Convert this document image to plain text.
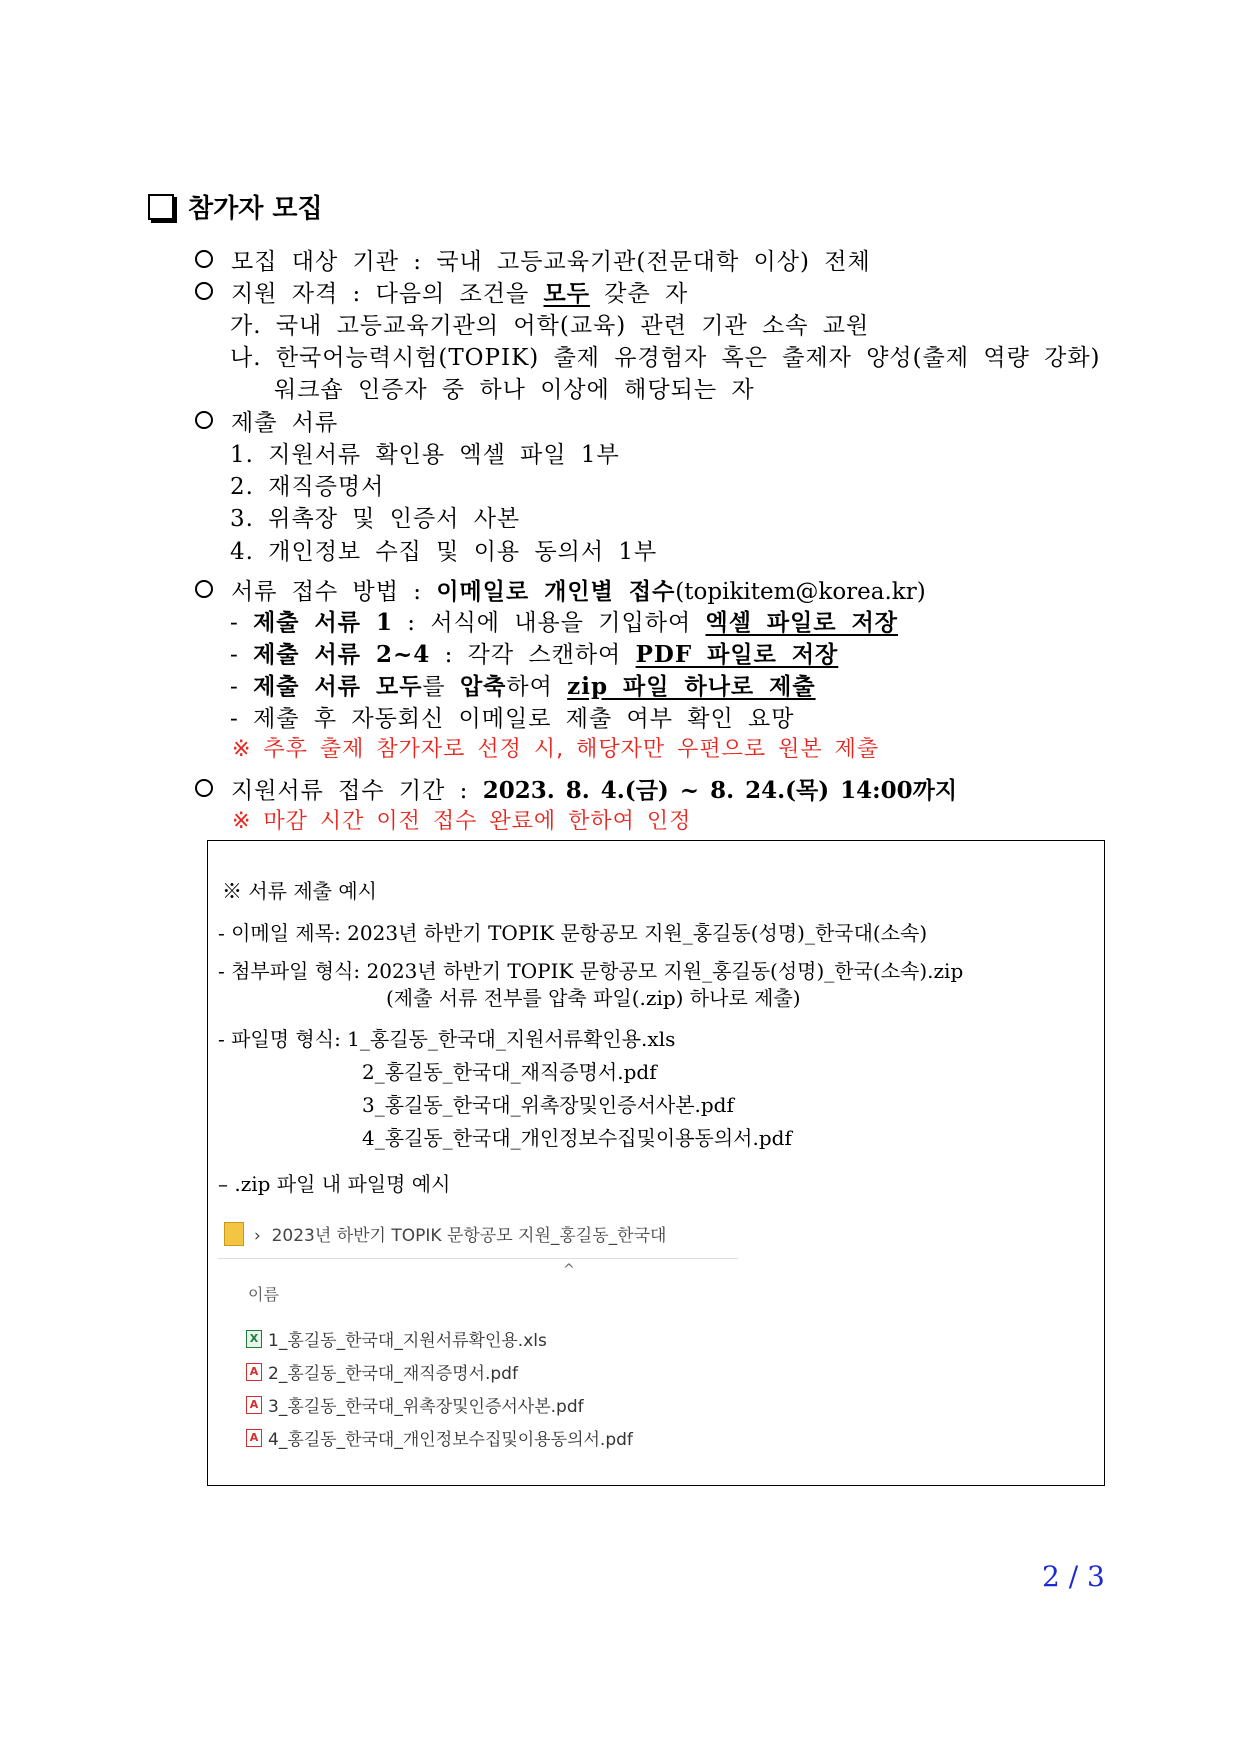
참가자 모집
모집 대상 기관 : 국내 고등교육기관(전문대학 이상) 전체
지원 자격 : 다음의 조건을 모두 갖춘 자
가. 국내 고등교육기관의 어학(교육) 관련 기관 소속 교원
나. 한국어능력시험(TOPIK) 출제 유경험자 혹은 출제자 양성(출제 역량 강화)
워크숍 인증자 중 하나 이상에 해당되는 자
제출 서류
1. 지원서류 확인용 엑셀 파일 1부
2. 재직증명서
3. 위촉장 및 인증서 사본
4. 개인정보 수집 및 이용 동의서 1부
서류 접수 방법 : 이메일로 개인별 접수(topikitem@korea.kr)
- 제출 서류 1 : 서식에 내용을 기입하여 엑셀 파일로 저장
- 제출 서류 2~4 : 각각 스캔하여 PDF 파일로 저장
- 제출 서류 모두를 압축하여 zip 파일 하나로 제출
- 제출 후 자동회신 이메일로 제출 여부 확인 요망
※ 추후 출제 참가자로 선정 시, 해당자만 우편으로 원본 제출
지원서류 접수 기간 : 2023. 8. 4.(금) ~ 8. 24.(목) 14:00까지
※ 마감 시간 이전 접수 완료에 한하여 인정
※ 서류 제출 예시
- 이메일 제목: 2023년 하반기 TOPIK 문항공모 지원_홍길동(성명)_한국대(소속)
- 첨부파일 형식: 2023년 하반기 TOPIK 문항공모 지원_홍길동(성명)_한국(소속).zip
(제출 서류 전부를 압축 파일(.zip) 하나로 제출)
- 파일명 형식: 1_홍길동_한국대_지원서류확인용.xls
2_홍길동_한국대_재직증명서.pdf
3_홍길동_한국대_위촉장및인증서사본.pdf
4_홍길동_한국대_개인정보수집및이용동의서.pdf
– .zip 파일 내 파일명 예시
›  2023년 하반기 TOPIK 문항공모 지원_홍길동_한국대
^
이름
X 1_홍길동_한국대_지원서류확인용.xls
A 2_홍길동_한국대_재직증명서.pdf
A 3_홍길동_한국대_위촉장및인증서사본.pdf
A 4_홍길동_한국대_개인정보수집및이용동의서.pdf
2 / 3
